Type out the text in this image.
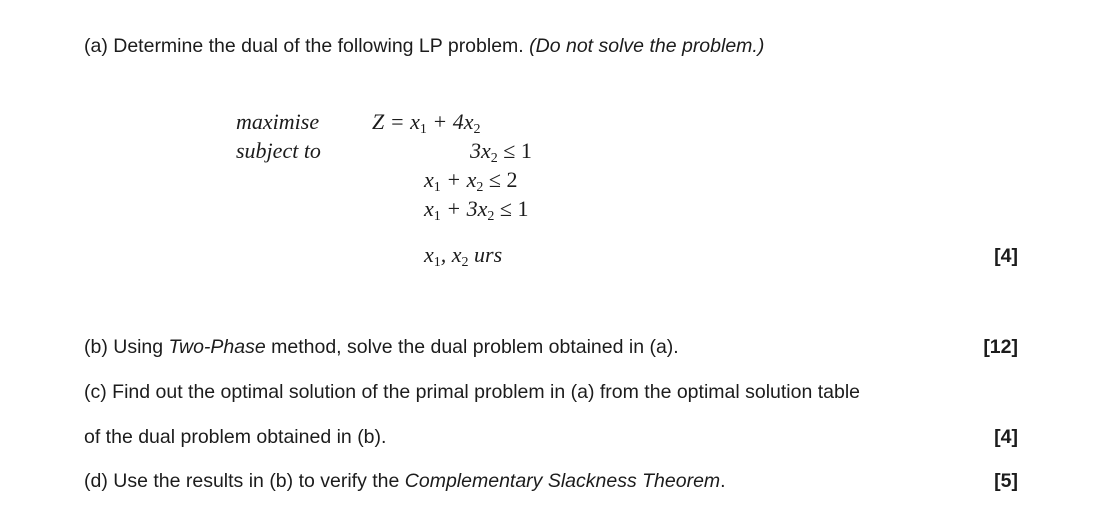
(a) Determine the dual of the following LP problem. (Do not solve the problem.)
maximise $Z = x_1 + 4x_2$
subject to	$3x_2 \le 1$
$x_1 + x_2 \le 2$
$x_1 + 3x_2 \le 1$
$x_1$, $x_2$ urs	[4]
(b) Using Two-Phase method, solve the dual problem obtained in (a).	[12]
(c) Find out the optimal solution of the primal problem in (a) from the optimal solution table
of the dual problem obtained in (b).	[4]
(d) Use the results in (b) to verify the Complementary Slackness Theorem.	[5]
